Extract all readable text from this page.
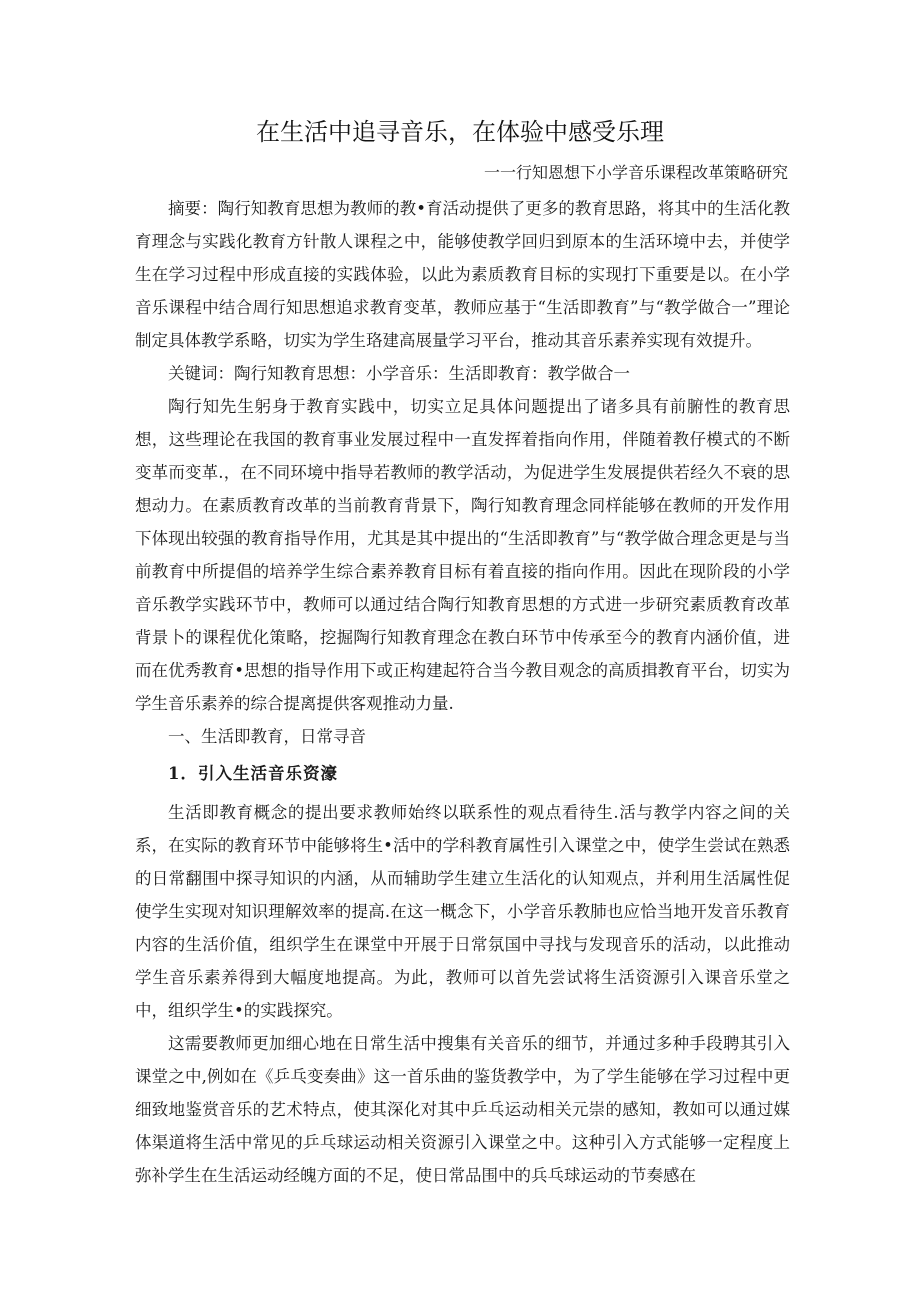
在生活中追寻音乐，在体验中感受乐理
一一行知恩想下小学音乐课程改革策略研究

摘要：陶行知教育思想为教师的教•育活动提供了更多的教育思路，将其中的生活化教育理念与实践化教育方针散人课程之中，能够使教学回归到原本的生活环境中去，并使学生在学习过程中形成直接的实践体验，以此为素质教育目标的实现打下重要是以。在小学音乐课程中结合周行知思想追求教育变革，教师应基于“生活即教育”与“教学做合一”理论制定具体教学系略，切实为学生珞建高展量学习平台，推动其音乐素养实现有效提升。

关键词：陶行知教育思想：小学音乐：生活即教育：教学做合一

陶行知先生躬身于教育实践中，切实立足具体问题提出了诸多具有前腑性的教育思想，这些理论在我国的教育事业发展过程中一直发挥着指向作用，伴随着教仔模式的不断变革而变革.，在不同环境中指导若教师的教学活动，为促进学生发展提供若经久不衰的思想动力。在素质教育改革的当前教育背景下，陶行知教育理念同样能够在教师的开发作用下体现出较强的教育指导作用，尤其是其中提出的“生活即教育”与“教学做合理念更是与当前教育中所提倡的培养学生综合素养教育目标有着直接的指向作用。因此在现阶段的小学音乐教学实践环节中，教师可以通过结合陶行知教育思想的方式进一步研究素质教育改革背景卜的课程优化策略，挖掘陶行知教育理念在教白环节中传承至今的教育内涵价值，进而在优秀教育•思想的指导作用下或正构建起符合当今教目观念的高质揖教育平台，切实为学生音乐素养的综合提离提供客观推动力量.

一、生活即教育，日常寻音

1．引入生活音乐资濠

生活即教育概念的提出要求教师始终以联系性的观点看待生.活与教学内容之间的关系，在实际的教育环节中能够将生•活中的学科教育属性引入课堂之中，使学生尝试在熟悉的日常翻围中探寻知识的内涵，从而辅助学生建立生活化的认知观点，并利用生活属性促使学生实现对知识理解效率的提高.在这一概念下，小学音乐教肺也应恰当地开发音乐教育内容的生活价值，组织学生在课堂中开展于日常氛国中寻找与发现音乐的活动，以此推动学生音乐素养得到大幅度地提高。为此，教师可以首先尝试将生活资源引入课音乐堂之中，组织学生•的实践探究。

这需要教师更加细心地在日常生活中搜集有关音乐的细节，并通过多种手段聘其引入课堂之中,例如在《乒乓变奏曲》这一首乐曲的鉴货教学中，为了学生能够在学习过程中更细致地鉴赏音乐的艺术特点，使其深化对其中乒乓运动相关元崇的感知，教如可以通过媒体渠道将生活中常见的乒乓球运动相关资源引入课堂之中。这种引入方式能够一定程度上弥补学生在生活运动经魄方面的不足，使日常品围中的兵乓球运动的节奏感在
